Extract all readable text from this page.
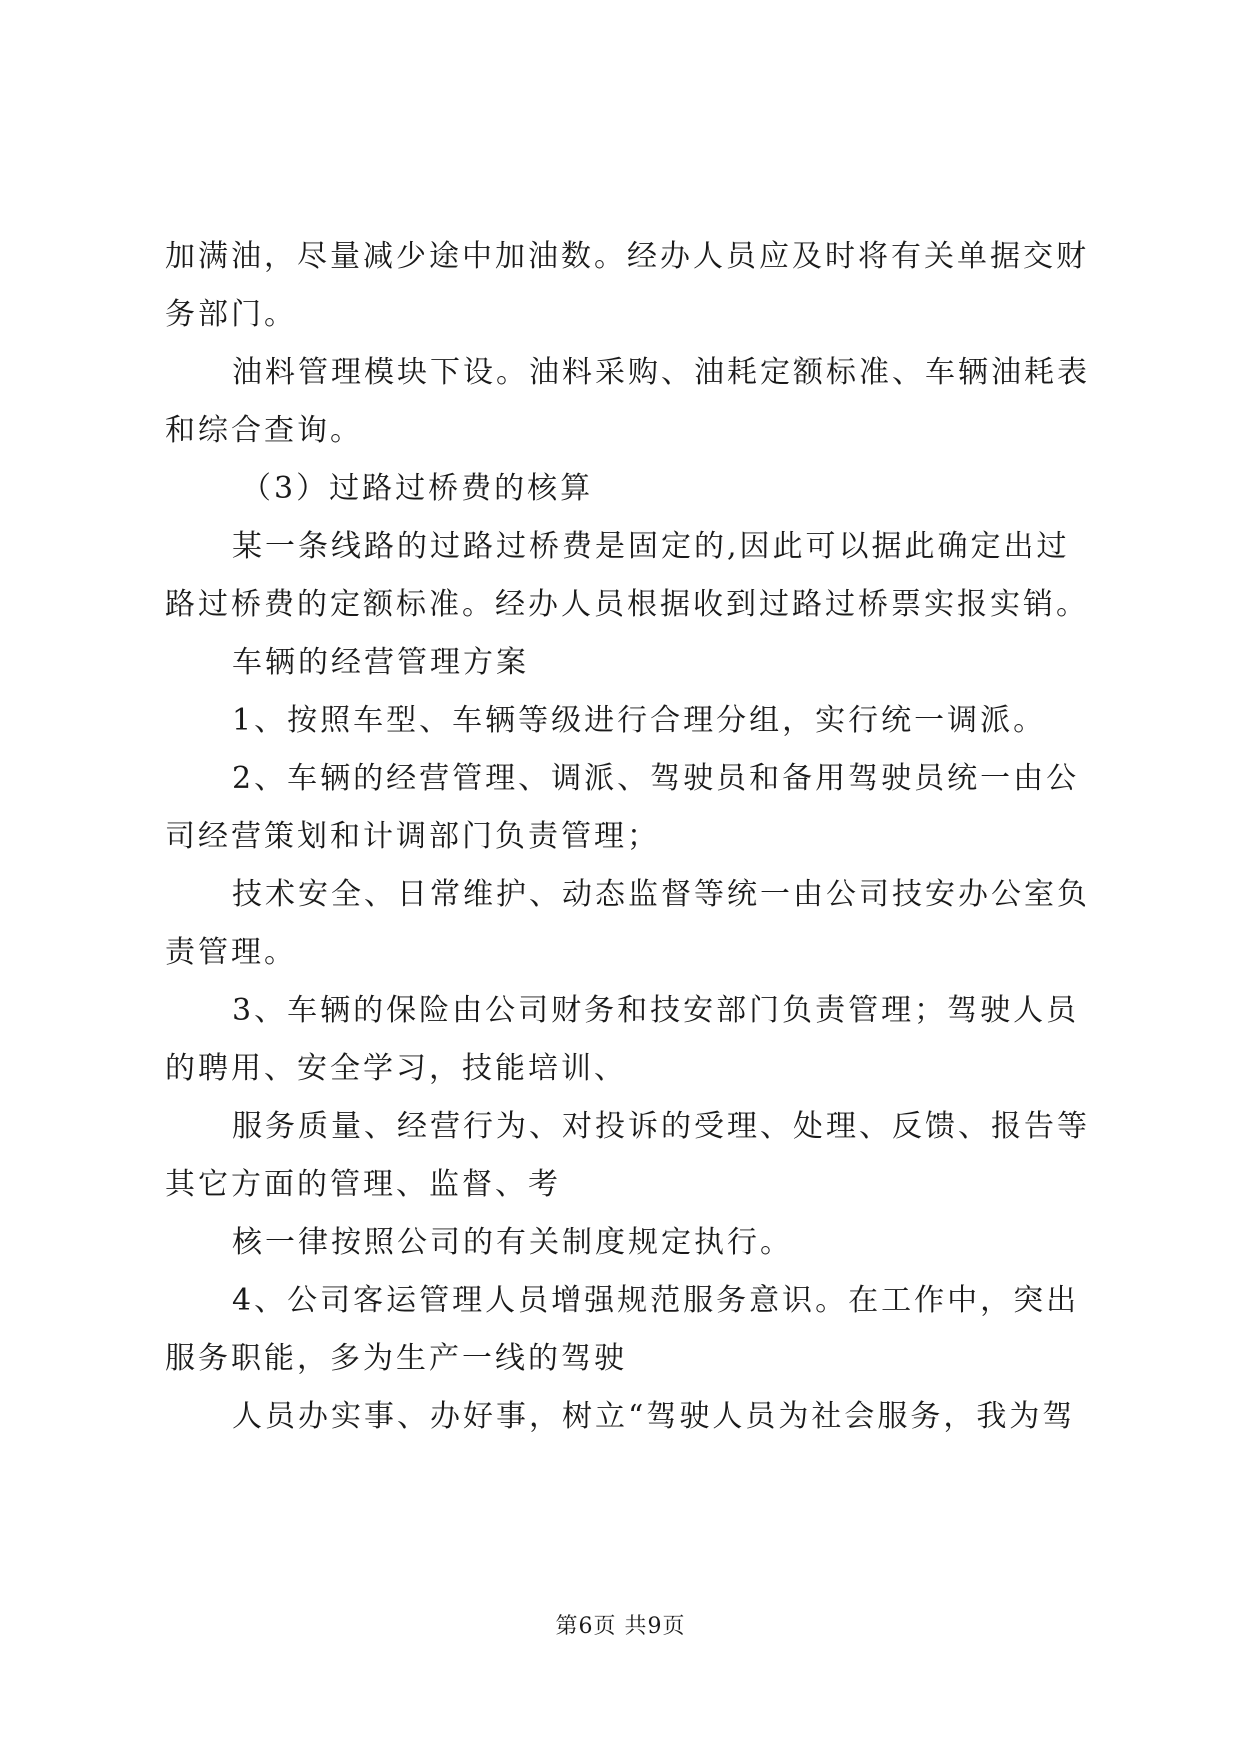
加满油，尽量减少途中加油数。经办人员应及时将有关单据交财
务部门。
油料管理模块下设。油料采购、油耗定额标准、车辆油耗表
和综合查询。
（3）过路过桥费的核算
某一条线路的过路过桥费是固定的,因此可以据此确定出过
路过桥费的定额标准。经办人员根据收到过路过桥票实报实销。
车辆的经营管理方案
1、按照车型、车辆等级进行合理分组，实行统一调派。
2、车辆的经营管理、调派、驾驶员和备用驾驶员统一由公
司经营策划和计调部门负责管理；
技术安全、日常维护、动态监督等统一由公司技安办公室负
责管理。
3、车辆的保险由公司财务和技安部门负责管理；驾驶人员
的聘用、安全学习，技能培训、
服务质量、经营行为、对投诉的受理、处理、反馈、报告等
其它方面的管理、监督、考
核一律按照公司的有关制度规定执行。
4、公司客运管理人员增强规范服务意识。在工作中，突出
服务职能，多为生产一线的驾驶
人员办实事、办好事，树立“驾驶人员为社会服务，我为驾
第6页 共9页
